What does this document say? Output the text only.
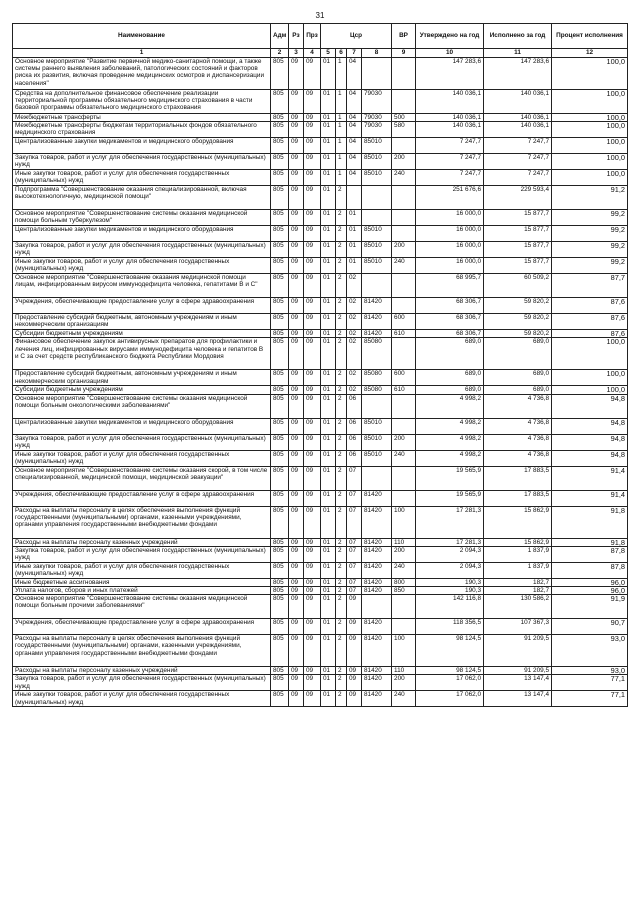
31
Наименование	Адм	Рз	Прз	Цср				ВР	Утверждено на год	Исполнено за год	Процент исполнения
1	2	3	4	5	6	7	8	9	10	11	12
Основное мероприятие "Развитие первичной медико-санитарной помощи, а также системы раннего выявления заболеваний, патологических состояний и факторов риска их развития, включая проведение медицинских осмотров и диспансеризации населения"	805	09	09	01	1	04			147 283,6	147 283,6	100,0
Средства на дополнительное финансовое обеспечение реализации территориальной программы обязательного медицинского страхования в части базовой программы обязательного медицинского страхования	805	09	09	01	1	04	79030		140 036,1	140 036,1	100,0
Межбюджетные трансферты	805	09	09	01	1	04	79030	500	140 036,1	140 036,1	100,0
Межбюджетные трансферты бюджетам территориальных фондов обязательного медицинского страхования	805	09	09	01	1	04	79030	580	140 036,1	140 036,1	100,0
Централизованные закупки медикаментов и медицинского оборудования	805	09	09	01	1	04	85010		7 247,7	7 247,7	100,0
Закупка товаров, работ и услуг для обеспечения государственных (муниципальных) нужд	805	09	09	01	1	04	85010	200	7 247,7	7 247,7	100,0
Иные закупки товаров, работ и услуг для обеспечения государственных (муниципальных) нужд	805	09	09	01	1	04	85010	240	7 247,7	7 247,7	100,0
Подпрограмма "Совершенствование оказания специализированной, включая высокотехнологичную, медицинской помощи"	805	09	09	01	2				251 676,6	229 593,4	91,2
Основное мероприятие "Совершенствование системы оказания медицинской помощи больным туберкулезом"	805	09	09	01	2	01			16 000,0	15 877,7	99,2
Централизованные закупки медикаментов и медицинского оборудования	805	09	09	01	2	01	85010		16 000,0	15 877,7	99,2
Закупка товаров, работ и услуг для обеспечения государственных (муниципальных) нужд	805	09	09	01	2	01	85010	200	16 000,0	15 877,7	99,2
Иные закупки товаров, работ и услуг для обеспечения государственных (муниципальных) нужд	805	09	09	01	2	01	85010	240	16 000,0	15 877,7	99,2
Основное мероприятие "Совершенствование оказания медицинской помощи лицам, инфицированным вирусом иммунодефицита человека, гепатитами B и C"	805	09	09	01	2	02			68 995,7	60 509,2	87,7
Учреждения, обеспечивающие предоставление услуг в сфере здравоохранения	805	09	09	01	2	02	81420		68 306,7	59 820,2	87,6
Предоставление субсидий бюджетным, автономным учреждениям и иным некоммерческим организациям	805	09	09	01	2	02	81420	600	68 306,7	59 820,2	87,6
Субсидии бюджетным учреждениям	805	09	09	01	2	02	81420	610	68 306,7	59 820,2	87,6
Финансовое обеспечение закупок антивирусных препаратов для профилактики и лечения лиц, инфицированных вирусами иммунодефицита человека и гепатитов B и C за счет средств республиканского бюджета Республики Мордовия	805	09	09	01	2	02	85080		689,0	689,0	100,0
Предоставление субсидий бюджетным, автономным учреждениям и иным некоммерческим организациям	805	09	09	01	2	02	85080	600	689,0	689,0	100,0
Субсидии бюджетным учреждениям	805	09	09	01	2	02	85080	610	689,0	689,0	100,0
Основное мероприятие "Совершенствование системы оказания медицинской помощи больным онкологическими заболеваниями"	805	09	09	01	2	06			4 998,2	4 736,8	94,8
Централизованные закупки медикаментов и медицинского оборудования	805	09	09	01	2	06	85010		4 998,2	4 736,8	94,8
Закупка товаров, работ и услуг для обеспечения государственных (муниципальных) нужд	805	09	09	01	2	06	85010	200	4 998,2	4 736,8	94,8
Иные закупки товаров, работ и услуг для обеспечения государственных (муниципальных) нужд	805	09	09	01	2	06	85010	240	4 998,2	4 736,8	94,8
Основное мероприятие "Совершенствование системы оказания скорой, в том числе специализированной, медицинской помощи, медицинской эвакуации"	805	09	09	01	2	07			19 565,9	17 883,5	91,4
Учреждения, обеспечивающие предоставление услуг в сфере здравоохранения	805	09	09	01	2	07	81420		19 565,9	17 883,5	91,4
Расходы на выплаты персоналу в целях обеспечения выполнения функций государственными (муниципальными) органами, казенными учреждениями, органами управления государственными внебюджетными фондами	805	09	09	01	2	07	81420	100	17 281,3	15 862,9	91,8
Расходы на выплаты персоналу казенных учреждений	805	09	09	01	2	07	81420	110	17 281,3	15 862,9	91,8
Закупка товаров, работ и услуг для обеспечения государственных (муниципальных) нужд	805	09	09	01	2	07	81420	200	2 094,3	1 837,9	87,8
Иные закупки товаров, работ и услуг для обеспечения государственных (муниципальных) нужд	805	09	09	01	2	07	81420	240	2 094,3	1 837,9	87,8
Иные бюджетные ассигнования	805	09	09	01	2	07	81420	800	190,3	182,7	96,0
Уплата налогов, сборов и иных платежей	805	09	09	01	2	07	81420	850	190,3	182,7	96,0
Основное мероприятие "Совершенствование системы оказания медицинской помощи больным прочими заболеваниями"	805	09	09	01	2	09			142 116,8	130 586,2	91,9
Учреждения, обеспечивающие предоставление услуг в сфере здравоохранения	805	09	09	01	2	09	81420		118 356,5	107 367,3	90,7
Расходы на выплаты персоналу в целях обеспечения выполнения функций государственными (муниципальными) органами, казенными учреждениями, органами управления государственными внебюджетными фондами	805	09	09	01	2	09	81420	100	98 124,5	91 209,5	93,0
Расходы на выплаты персоналу казенных учреждений	805	09	09	01	2	09	81420	110	98 124,5	91 209,5	93,0
Закупка товаров, работ и услуг для обеспечения государственных (муниципальных) нужд	805	09	09	01	2	09	81420	200	17 062,0	13 147,4	77,1
Иные закупки товаров, работ и услуг для обеспечения государственных (муниципальных) нужд	805	09	09	01	2	09	81420	240	17 062,0	13 147,4	77,1
